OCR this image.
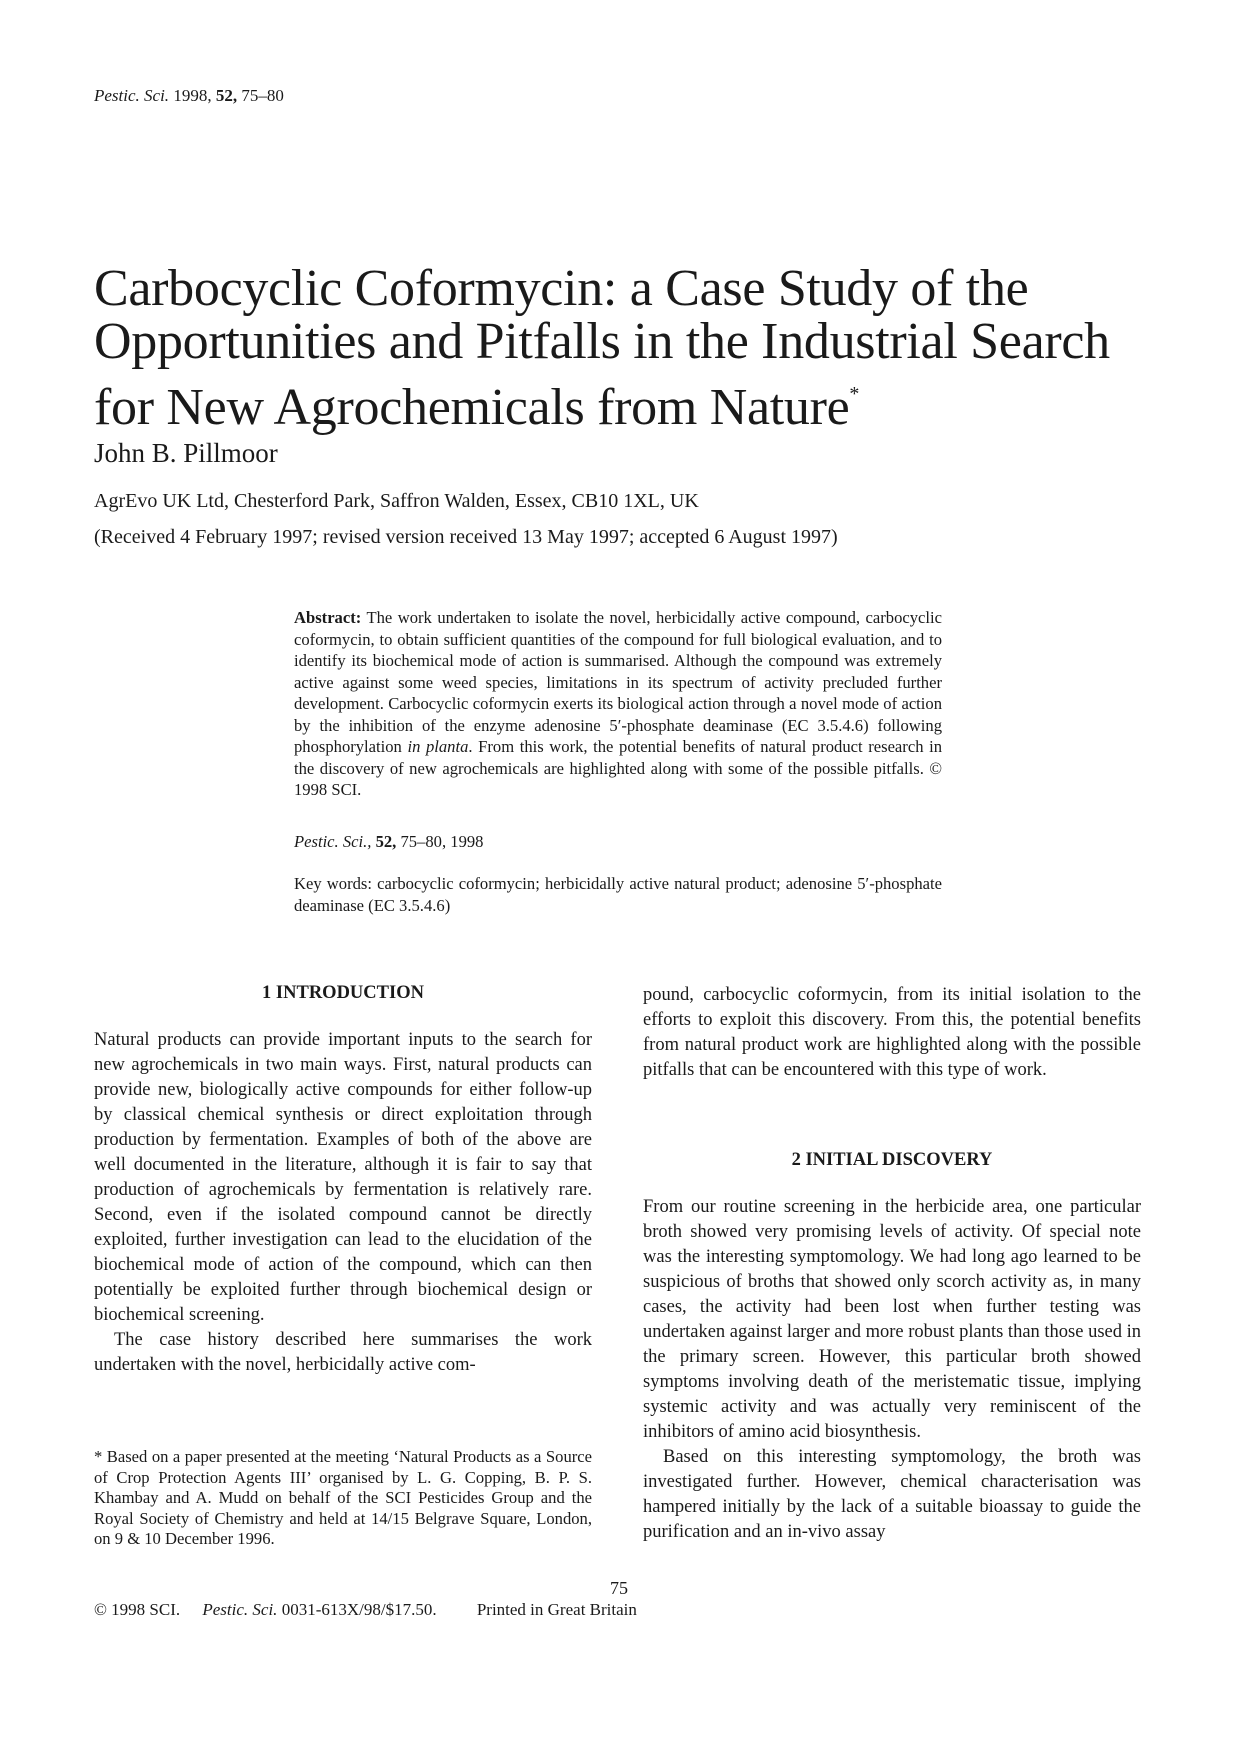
Pestic. Sci. 1998, 52, 75–80
Carbocyclic Coformycin: a Case Study of the
Opportunities and Pitfalls in the Industrial Search
for New Agrochemicals from Nature*
John B. Pillmoor
AgrEvo UK Ltd, Chesterford Park, Saffron Walden, Essex, CB10 1XL, UK
(Received 4 February 1997; revised version received 13 May 1997; accepted 6 August 1997)
Abstract: The work undertaken to isolate the novel, herbicidally active compound, carbocyclic coformycin, to obtain sufficient quantities of the compound for full biological evaluation, and to identify its biochemical mode of action is summarised. Although the compound was extremely active against some weed species, limitations in its spectrum of activity precluded further development. Carbocyclic coformycin exerts its biological action through a novel mode of action by the inhibition of the enzyme adenosine 5′-phosphate deaminase (EC 3.5.4.6) following phosphorylation in planta. From this work, the potential benefits of natural product research in the discovery of new agrochemicals are highlighted along with some of the possible pitfalls. © 1998 SCI.
Pestic. Sci., 52, 75–80, 1998
Key words: carbocyclic coformycin; herbicidally active natural product; adenosine 5′-phosphate deaminase (EC 3.5.4.6)
1 INTRODUCTION

Natural products can provide important inputs to the search for new agrochemicals in two main ways. First, natural products can provide new, biologically active compounds for either follow-up by classical chemical synthesis or direct exploitation through production by fermentation. Examples of both of the above are well documented in the literature, although it is fair to say that production of agrochemicals by fermentation is relatively rare. Second, even if the isolated compound cannot be directly exploited, further investigation can lead to the elucidation of the biochemical mode of action of the compound, which can then potentially be exploited further through biochemical design or biochemical screening.

The case history described here summarises the work undertaken with the novel, herbicidally active com-

* Based on a paper presented at the meeting ‘Natural Products as a Source of Crop Protection Agents III’ organised by L. G. Copping, B. P. S. Khambay and A. Mudd on behalf of the SCI Pesticides Group and the Royal Society of Chemistry and held at 14/15 Belgrave Square, London, on 9 & 10 December 1996.

pound, carbocyclic coformycin, from its initial isolation to the efforts to exploit this discovery. From this, the potential benefits from natural product work are highlighted along with the possible pitfalls that can be encountered with this type of work.

2 INITIAL DISCOVERY

From our routine screening in the herbicide area, one particular broth showed very promising levels of activity. Of special note was the interesting symptomology. We had long ago learned to be suspicious of broths that showed only scorch activity as, in many cases, the activity had been lost when further testing was undertaken against larger and more robust plants than those used in the primary screen. However, this particular broth showed symptoms involving death of the meristematic tissue, implying systemic activity and was actually very reminiscent of the inhibitors of amino acid biosynthesis.

Based on this interesting symptomology, the broth was investigated further. However, chemical characterisation was hampered initially by the lack of a suitable bioassay to guide the purification and an in-vivo assay

75
© 1998 SCI. Pestic. Sci. 0031-613X/98/$17.50. Printed in Great Britain
